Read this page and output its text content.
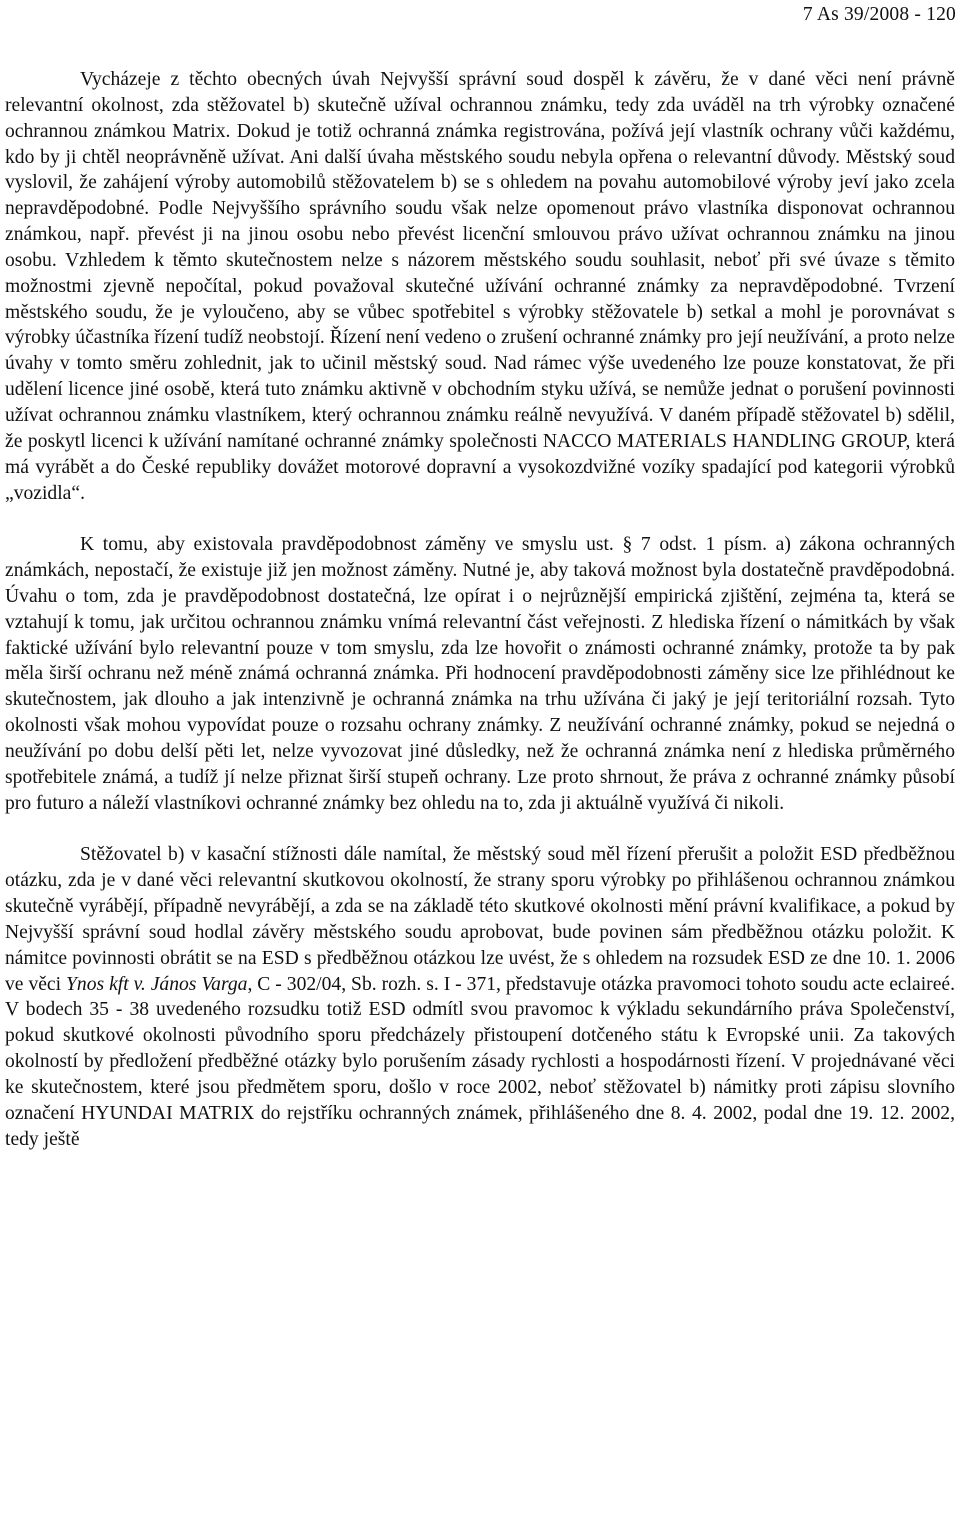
7 As 39/2008 - 120

Vycházeje z těchto obecných úvah Nejvyšší správní soud dospěl k závěru, že v dané věci není právně relevantní okolnost, zda stěžovatel b) skutečně užíval ochrannou známku, tedy zda uváděl na trh výrobky označené ochrannou známkou Matrix. Dokud je totiž ochranná známka registrována, požívá její vlastník ochrany vůči každému, kdo by ji chtěl neoprávněně užívat. Ani další úvaha městského soudu nebyla opřena o relevantní důvody. Městský soud vyslovil, že zahájení výroby automobilů stěžovatelem b) se s ohledem na povahu automobilové výroby jeví jako zcela nepravděpodobné. Podle Nejvyššího správního soudu však nelze opomenout právo vlastníka disponovat ochrannou známkou, např. převést ji na jinou osobu nebo převést licenční smlouvou právo užívat ochrannou známku na jinou osobu. Vzhledem k těmto skutečnostem nelze s názorem městského soudu souhlasit, neboť při své úvaze s těmito možnostmi zjevně nepočítal, pokud považoval skutečné užívání ochranné známky za nepravděpodobné. Tvrzení městského soudu, že je vyloučeno, aby se vůbec spotřebitel s výrobky stěžovatele b) setkal a mohl je porovnávat s výrobky účastníka řízení tudíž neobstojí. Řízení není vedeno o zrušení ochranné známky pro její neužívání, a proto nelze úvahy v tomto směru zohlednit, jak to učinil městský soud. Nad rámec výše uvedeného lze pouze konstatovat, že při udělení licence jiné osobě, která tuto známku aktivně v obchodním styku užívá, se nemůže jednat o porušení povinnosti užívat ochrannou známku vlastníkem, který ochrannou známku reálně nevyužívá. V daném případě stěžovatel b) sdělil, že poskytl licenci k užívání namítané ochranné známky společnosti NACCO MATERIALS HANDLING GROUP, která má vyrábět a do České republiky dovážet motorové dopravní a vysokozdvižné vozíky spadající pod kategorii výrobků „vozidla“.

K tomu, aby existovala pravděpodobnost záměny ve smyslu ust. § 7 odst. 1 písm. a) zákona ochranných známkách, nepostačí, že existuje již jen možnost záměny. Nutné je, aby taková možnost byla dostatečně pravděpodobná. Úvahu o tom, zda je pravděpodobnost dostatečná, lze opírat i o nejrůznější empirická zjištění, zejména ta, která se vztahují k tomu, jak určitou ochrannou známku vnímá relevantní část veřejnosti. Z hlediska řízení o námitkách by však faktické užívání bylo relevantní pouze v tom smyslu, zda lze hovořit o známosti ochranné známky, protože ta by pak měla širší ochranu než méně známá ochranná známka. Při hodnocení pravděpodobnosti záměny sice lze přihlédnout ke skutečnostem, jak dlouho a jak intenzivně je ochranná známka na trhu užívána či jaký je její teritoriální rozsah. Tyto okolnosti však mohou vypovídat pouze o rozsahu ochrany známky. Z neužívání ochranné známky, pokud se nejedná o neužívání po dobu delší pěti let, nelze vyvozovat jiné důsledky, než že ochranná známka není z hlediska průměrného spotřebitele známá, a tudíž jí nelze přiznat širší stupeň ochrany. Lze proto shrnout, že práva z ochranné známky působí pro futuro a náleží vlastníkovi ochranné známky bez ohledu na to, zda ji aktuálně využívá či nikoli.

Stěžovatel b) v kasační stížnosti dále namítal, že městský soud měl řízení přerušit a položit ESD předběžnou otázku, zda je v dané věci relevantní skutkovou okolností, že strany sporu výrobky po přihlášenou ochrannou známkou skutečně vyrábějí, případně nevyrábějí, a zda se na základě této skutkové okolnosti mění právní kvalifikace, a pokud by Nejvyšší správní soud hodlal závěry městského soudu aprobovat, bude povinen sám předběžnou otázku položit. K námitce povinnosti obrátit se na ESD s předběžnou otázkou lze uvést, že s ohledem na rozsudek ESD ze dne 10. 1. 2006 ve věci Ynos kft v. János Varga, C - 302/04, Sb. rozh. s. I - 371, představuje otázka pravomoci tohoto soudu acte eclaireé. V bodech 35 - 38 uvedeného rozsudku totiž ESD odmítl svou pravomoc k výkladu sekundárního práva Společenství, pokud skutkové okolnosti původního sporu předcházely přistoupení dotčeného státu k Evropské unii. Za takových okolností by předložení předběžné otázky bylo porušením zásady rychlosti a hospodárnosti řízení. V projednávané věci ke skutečnostem, které jsou předmětem sporu, došlo v roce 2002, neboť stěžovatel b) námitky proti zápisu slovního označení HYUNDAI MATRIX do rejstříku ochranných známek, přihlášeného dne 8. 4. 2002, podal dne 19. 12. 2002, tedy ještě
